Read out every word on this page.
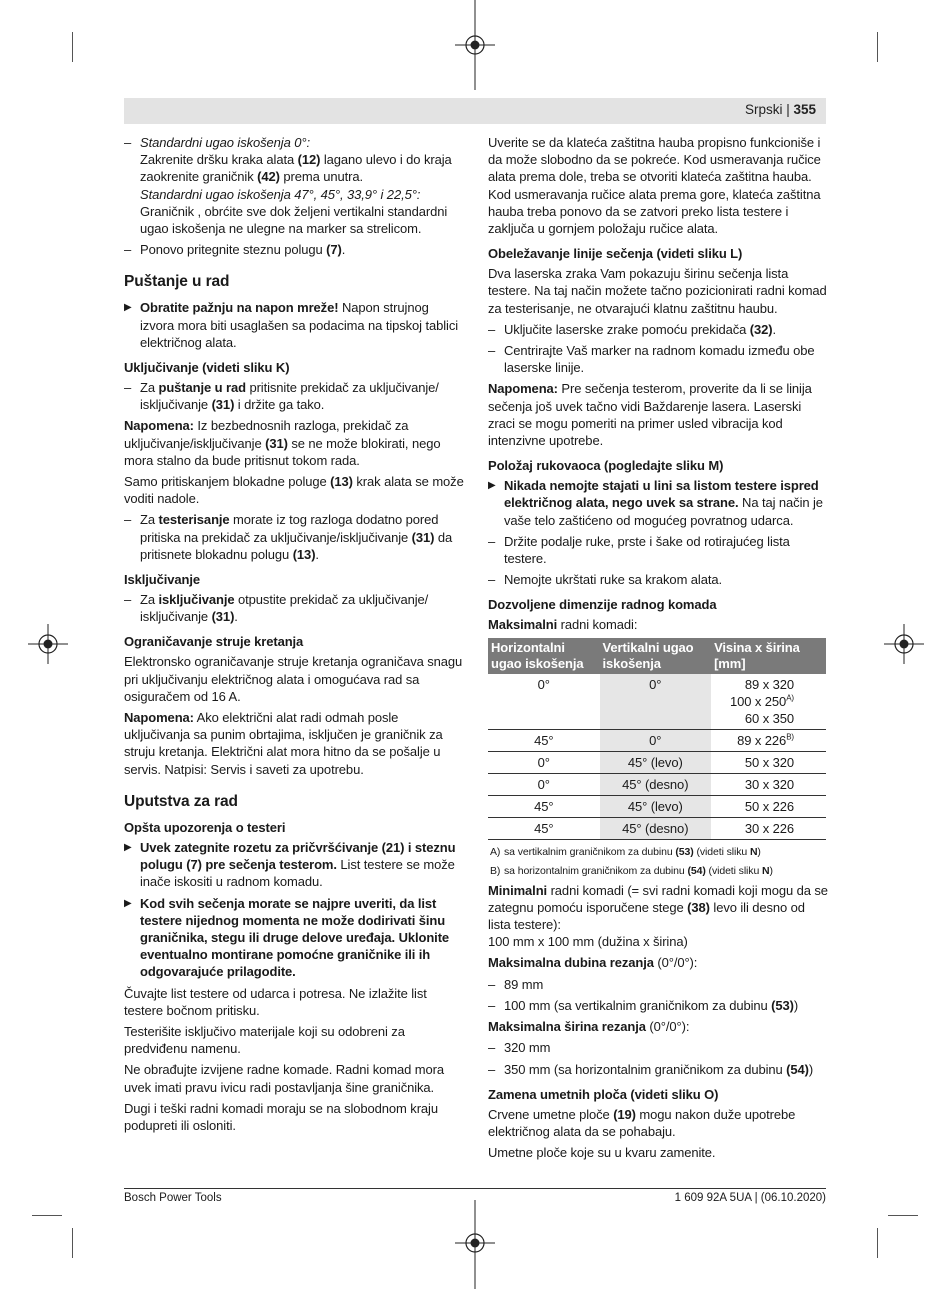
Srpski | 355
– Standardni ugao iskošenja 0°:
Zakrenite dršku kraka alata (12) lagano ulevo i do kraja zaokrenite graničnik (42) prema unutra.
Standardni ugao iskošenja 47°, 45°, 33,9° i 22,5°:
Graničnik , obrćite sve dok željeni vertikalni standardni ugao iskošenja ne ulegne na marker sa strelicom.
– Ponovo pritegnite steznu polugu (7).
Puštanje u rad
▶ Obratite pažnju na napon mreže! Napon strujnog izvora mora biti usaglašen sa podacima na tipskoj tablici električnog alata.
Uključivanje (videti sliku K)
– Za puštanje u rad pritisnite prekidač za uključivanje/ isključivanje (31) i držite ga tako.

Napomena: Iz bezbednosnih razloga, prekidač za uključivanje/isključivanje (31) se ne može blokirati, nego mora stalno da bude pritisnut tokom rada.

Samo pritiskanjem blokadne poluge (13) krak alata se može voditi nadole.

– Za testerisanje morate iz tog razloga dodatno pored pritiska na prekidač za uključivanje/isključivanje (31) da pritisnete blokadnu polugu (13).
Isključivanje
– Za isključivanje otpustite prekidač za uključivanje/ isključivanje (31).
Ograničavanje struje kretanja

Elektronsko ograničavanje struje kretanja ograničava snagu pri uključivanju električnog alata i omogućava rad sa osiguračem od 16 A.

Napomena: Ako električni alat radi odmah posle uključivanja sa punim obrtajima, isključen je graničnik za struju kretanja. Električni alat mora hitno da se pošalje u servis. Natpisi: Servis i saveti za upotrebu.

Uputstva za rad
Opšta upozorenja o testeri
▶ Uvek zategnite rozetu za pričvršćivanje (21) i steznu polugu (7) pre sečenja testerom. List testere se može inače iskositi u radnom komadu.
▶ Kod svih sečenja morate se najpre uveriti, da list testere nijednog momenta ne može dodirivati šinu graničnika, stegu ili druge delove uređaja. Uklonite eventualno montirane pomoćne graničnike ili ih odgovarajuće prilagodite.

Čuvajte list testere od udarca i potresa. Ne izlažite list testere bočnom pritisku.

Testerišite isključivo materijale koji su odobreni za predviđenu namenu.

Ne obrađujte izvijene radne komade. Radni komad mora uvek imati pravu ivicu radi postavljanja šine graničnika.

Dugi i teški radni komadi moraju se na slobodnom kraju poduprеti ili osloniti.

Uverite se da klateća zaštitna hauba propisno funkcioniše i da može slobodno da se pokreće. Kod usmeravanja ručice alata prema dole, treba se otvoriti klateća zaštitna hauba. Kod usmeravanja ručice alata prema gore, klateća zaštitna hauba treba ponovo da se zatvori preko lista testere i zaključa u gornjem položaju ručice alata.

Obeležavanje linije sečenja (videti sliku L)

Dva laserska zraka Vam pokazuju širinu sečenja lista testere. Na taj način možete tačno pozicionirati radni komad za testerisanje, ne otvarajući klatnu zaštitnu haubu.

– Uključite laserske zrake pomoću prekidača (32).
– Centrirajte Vaš marker na radnom komadu između obe laserske linije.

Napomena: Pre sečenja testerom, proverite da li se linija sečenja još uvek tačno vidi Baždarenje lasera. Laserski zraci se mogu pomeriti na primer usled vibracija kod intenzivne upotrebe.

Položaj rukovaoca (pogledajte sliku M)
▶ Nikada nemojte stajati u lini sa listom testere ispred električnog alata, nego uvek sa strane. Na taj način je vaše telo zaštićeno od mogućeg povratnog udarca.
– Držite podalje ruke, prste i šake od rotirajućeg lista testere.
– Nemojte ukrštati ruke sa krakom alata.
Dozvoljene dimenzije radnog komada

Maksimalni radni komadi:

Horizontalni ugao iskošenja	Vertikalni ugao iskošenja	Visina x širina [mm]
0°	0°	89 x 320
100 x $250^{A)}$
60 x 350
45°	0°	89 x $226^{B)}$
0°	45° (levo)	50 x 320
0°	45° (desno)	30 x 320
45°	45° (levo)	50 x 226
45°	45° (desno)	30 x 226
A) sa vertikalnim graničnikom za dubinu (53) (videti sliku N)
B) sa horizontalnim graničnikom za dubinu (54) (videti sliku N)

Minimalni radni komadi (= svi radni komadi koji mogu da se zategnu pomoću isporučene stege (38) levo ili desno od lista testere):
100 mm x 100 mm (dužina x širina)

Maksimalna dubina rezanja (0°/0°):

– 89 mm
– 100 mm (sa vertikalnim graničnikom za dubinu (53))

Maksimalna širina rezanja (0°/0°):

– 320 mm
– 350 mm (sa horizontalnim graničnikom za dubinu (54))
Zamena umetnih ploča (videti sliku O)

Crvene umetne ploče (19) mogu nakon duže upotrebe električnog alata da se pohabaju.

Umetne ploče koje su u kvaru zamenite.

Bosch Power Tools	1 609 92A 5UA | (06.10.2020)
